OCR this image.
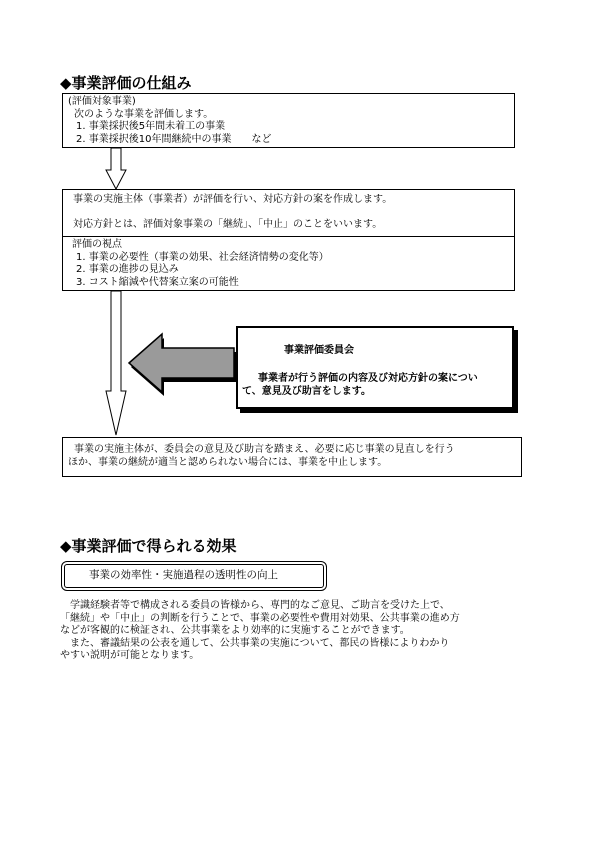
◆事業評価の仕組み
(評価対象事業)
次のような事業を評価します。
1. 事業採択後5年間未着工の事業
2. 事業採択後10年間継続中の事業　　など
事業の実施主体（事業者）が評価を行い、対応方針の案を作成します。
対応方針とは、評価対象事業の「継続」、「中止」のことをいいます。
評価の視点
1. 事業の必要性（事業の効果、社会経済情勢の変化等）
2. 事業の進捗の見込み
3. コスト縮減や代替案立案の可能性
事業評価委員会
事業者が行う評価の内容及び対応方針の案につい
て、意見及び助言をします。
事業の実施主体が、委員会の意見及び助言を踏まえ、必要に応じ事業の見直しを行う
ほか、事業の継続が適当と認められない場合には、事業を中止します。
◆事業評価で得られる効果
事業の効率性・実施過程の透明性の向上
学識経験者等で構成される委員の皆様から、専門的なご意見、ご助言を受けた上で、
「継続」や「中止」の判断を行うことで、事業の必要性や費用対効果、公共事業の進め方
などが客観的に検証され、公共事業をより効率的に実施することができます。
また、審議結果の公表を通して、公共事業の実施について、都民の皆様によりわかり
やすい説明が可能となります。
